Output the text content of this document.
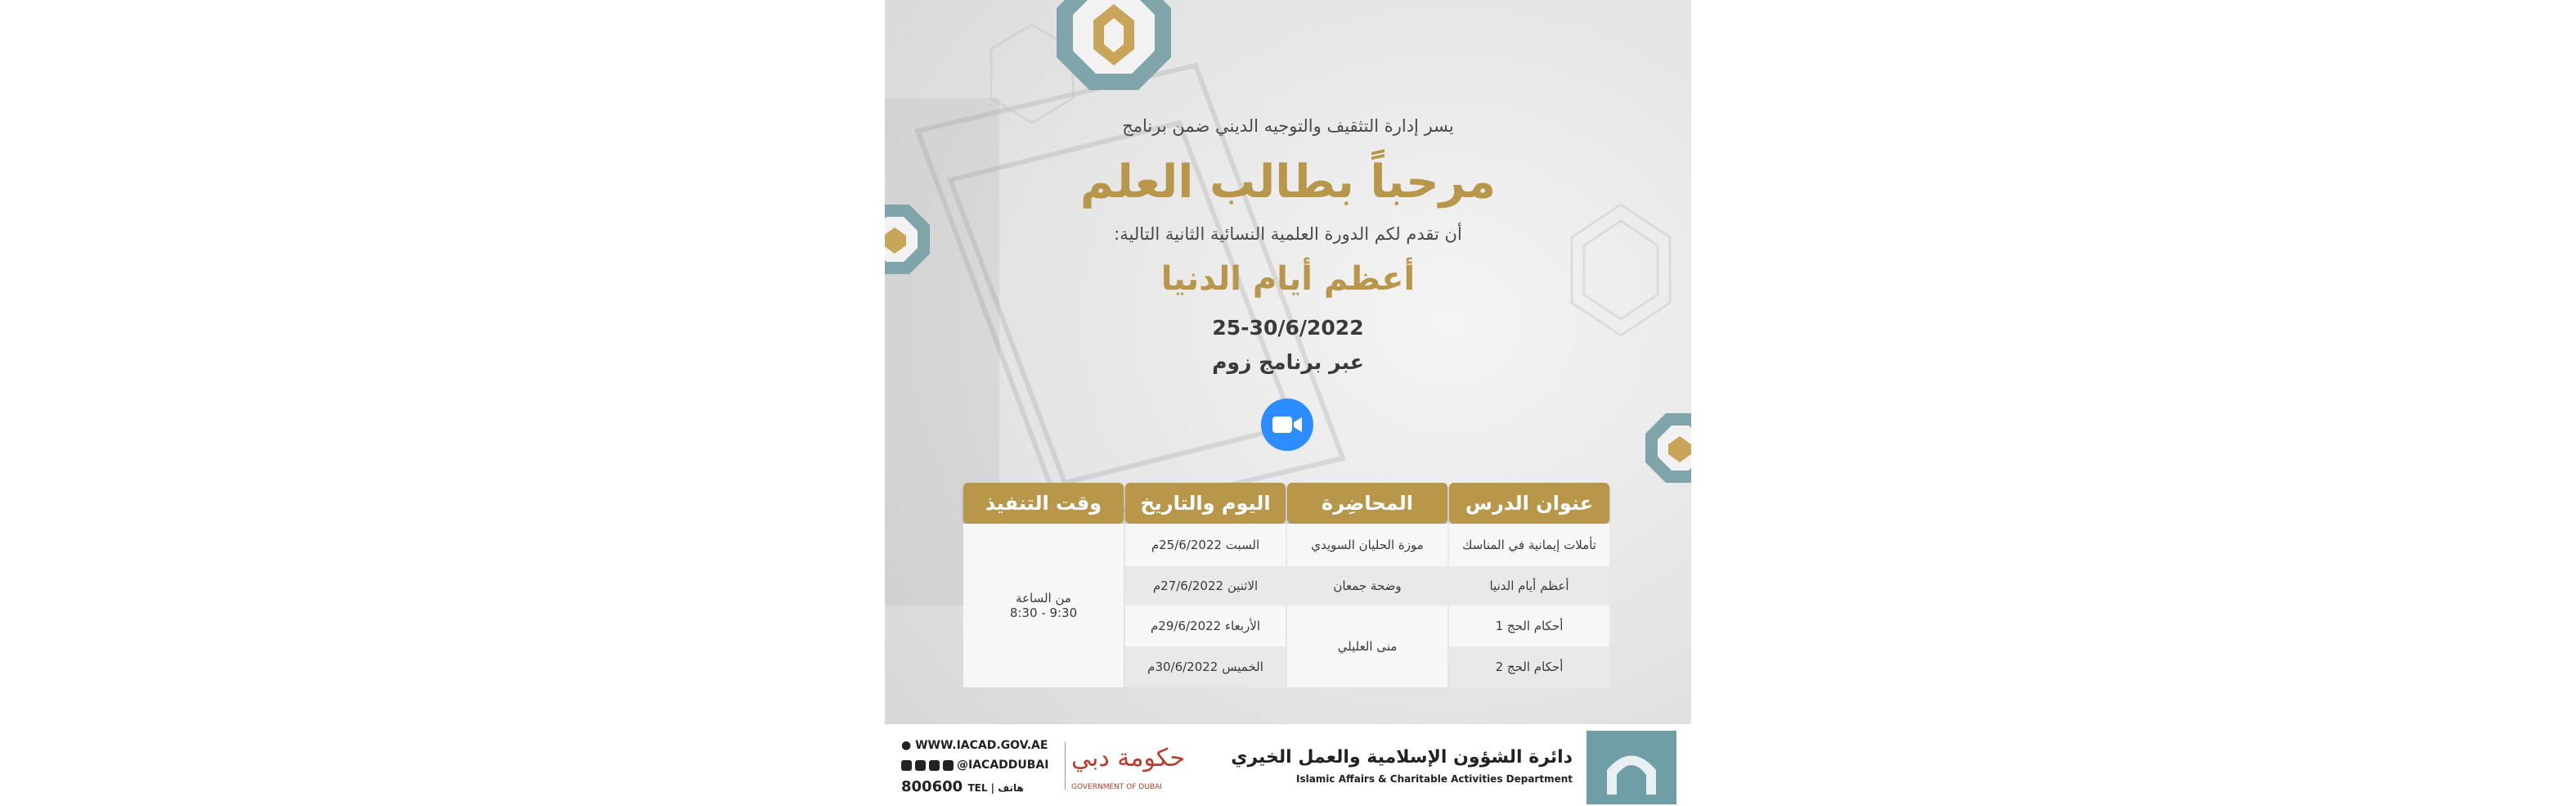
يسر إدارة التثقيف والتوجيه الديني ضمن برنامج
مرحباً بطالب العلم
أن تقدم لكم الدورة العلمية النسائية الثانية التالية:
أعظم أيام الدنيا
25-30/6/2022
عبر برنامج زوم
عنوان الدرس
تأملات إيمانية في المناسك
أعظم أيام الدنيا
أحكام الحج 1
أحكام الحج 2
المحاضِرة
موزة الحليان السويدي
وضحة جمعان
منى العليلي
اليوم والتاريخ
السبت 25/6/2022م
الاثنين 27/6/2022م
الأربعاء 29/6/2022م
الخميس 30/6/2022م
وقت التنفيذ
من الساعة
8:30 - 9:30
دائرة الشؤون الإسلامية والعمل الخيري
Islamic Affairs & Charitable Activities Department
حكومة دبي
GOVERNMENT OF DUBAI
● WWW.IACAD.GOV.AE
@IACADDUBAI
800600 TEL | هاتف
